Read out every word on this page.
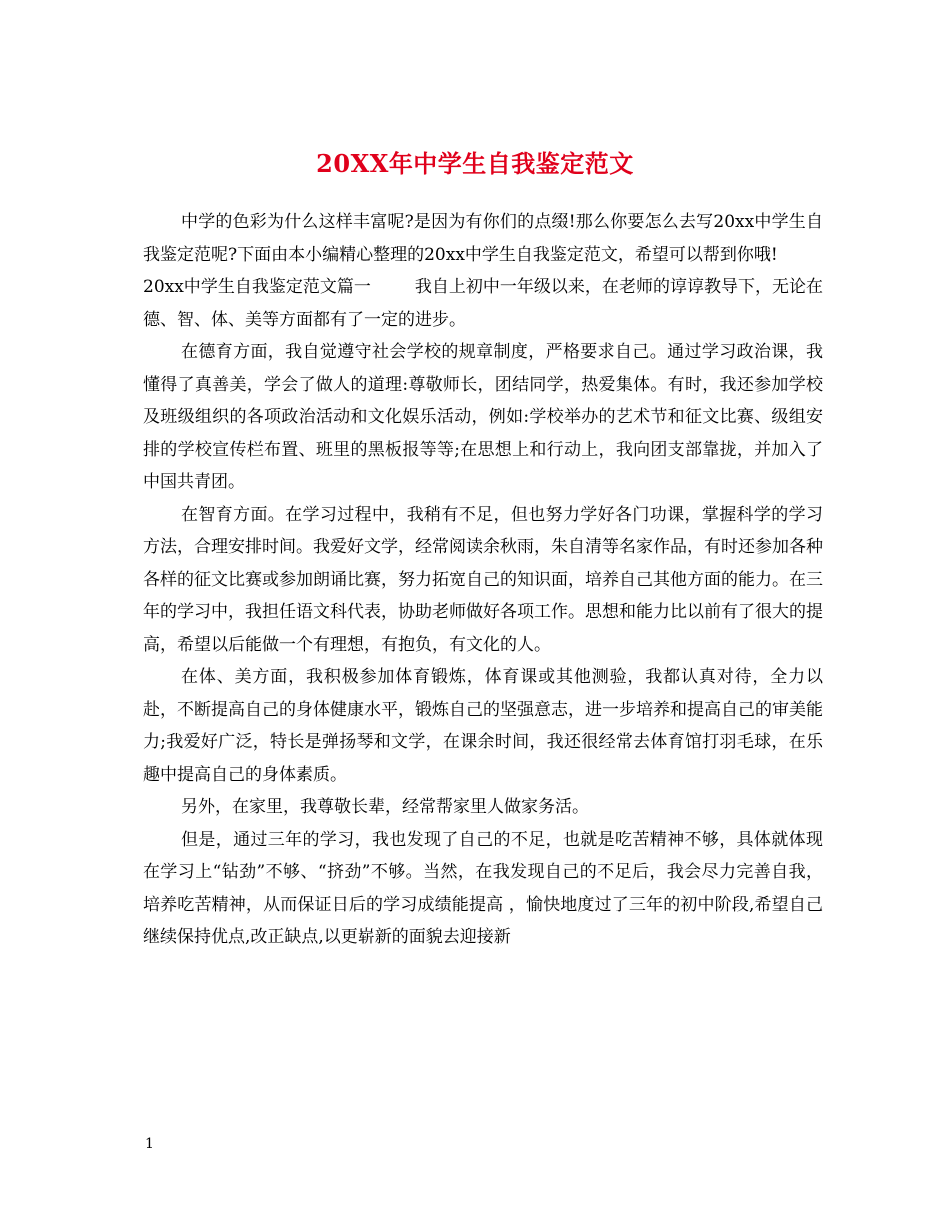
20XX年中学生自我鉴定范文

中学的色彩为什么这样丰富呢?是因为有你们的点缀!那么你要怎么去写20xx中学生自我鉴定范呢?下面由本小编精心整理的20xx中学生自我鉴定范文，希望可以帮到你哦!

20xx中学生自我鉴定范文篇一	我自上初中一年级以来，在老师的谆谆教导下，无论在德、智、体、美等方面都有了一定的进步。

在德育方面，我自觉遵守社会学校的规章制度，严格要求自己。通过学习政治课，我懂得了真善美，学会了做人的道理:尊敬师长，团结同学，热爱集体。有时，我还参加学校及班级组织的各项政治活动和文化娱乐活动，例如:学校举办的艺术节和征文比赛、级组安排的学校宣传栏布置、班里的黑板报等等;在思想上和行动上，我向团支部靠拢，并加入了中国共青团。

在智育方面。在学习过程中，我稍有不足，但也努力学好各门功课，掌握科学的学习方法，合理安排时间。我爱好文学，经常阅读余秋雨，朱自清等名家作品，有时还参加各种各样的征文比赛或参加朗诵比赛，努力拓宽自己的知识面，培养自己其他方面的能力。在三年的学习中，我担任语文科代表，协助老师做好各项工作。思想和能力比以前有了很大的提高，希望以后能做一个有理想，有抱负，有文化的人。

在体、美方面，我积极参加体育锻炼，体育课或其他测验，我都认真对待，全力以赴，不断提高自己的身体健康水平，锻炼自己的坚强意志，进一步培养和提高自己的审美能力;我爱好广泛，特长是弹扬琴和文学，在课余时间，我还很经常去体育馆打羽毛球，在乐趣中提高自己的身体素质。

另外，在家里，我尊敬长辈，经常帮家里人做家务活。

但是，通过三年的学习，我也发现了自己的不足，也就是吃苦精神不够，具体就体现在学习上“钻劲”不够、“挤劲”不够。当然，在我发现自己的不足后，我会尽力完善自我，培养吃苦精神，从而保证日后的学习成绩能提高 ，愉快地度过了三年的初中阶段,希望自己继续保持优点,改正缺点,以更崭新的面貌去迎接新

1
